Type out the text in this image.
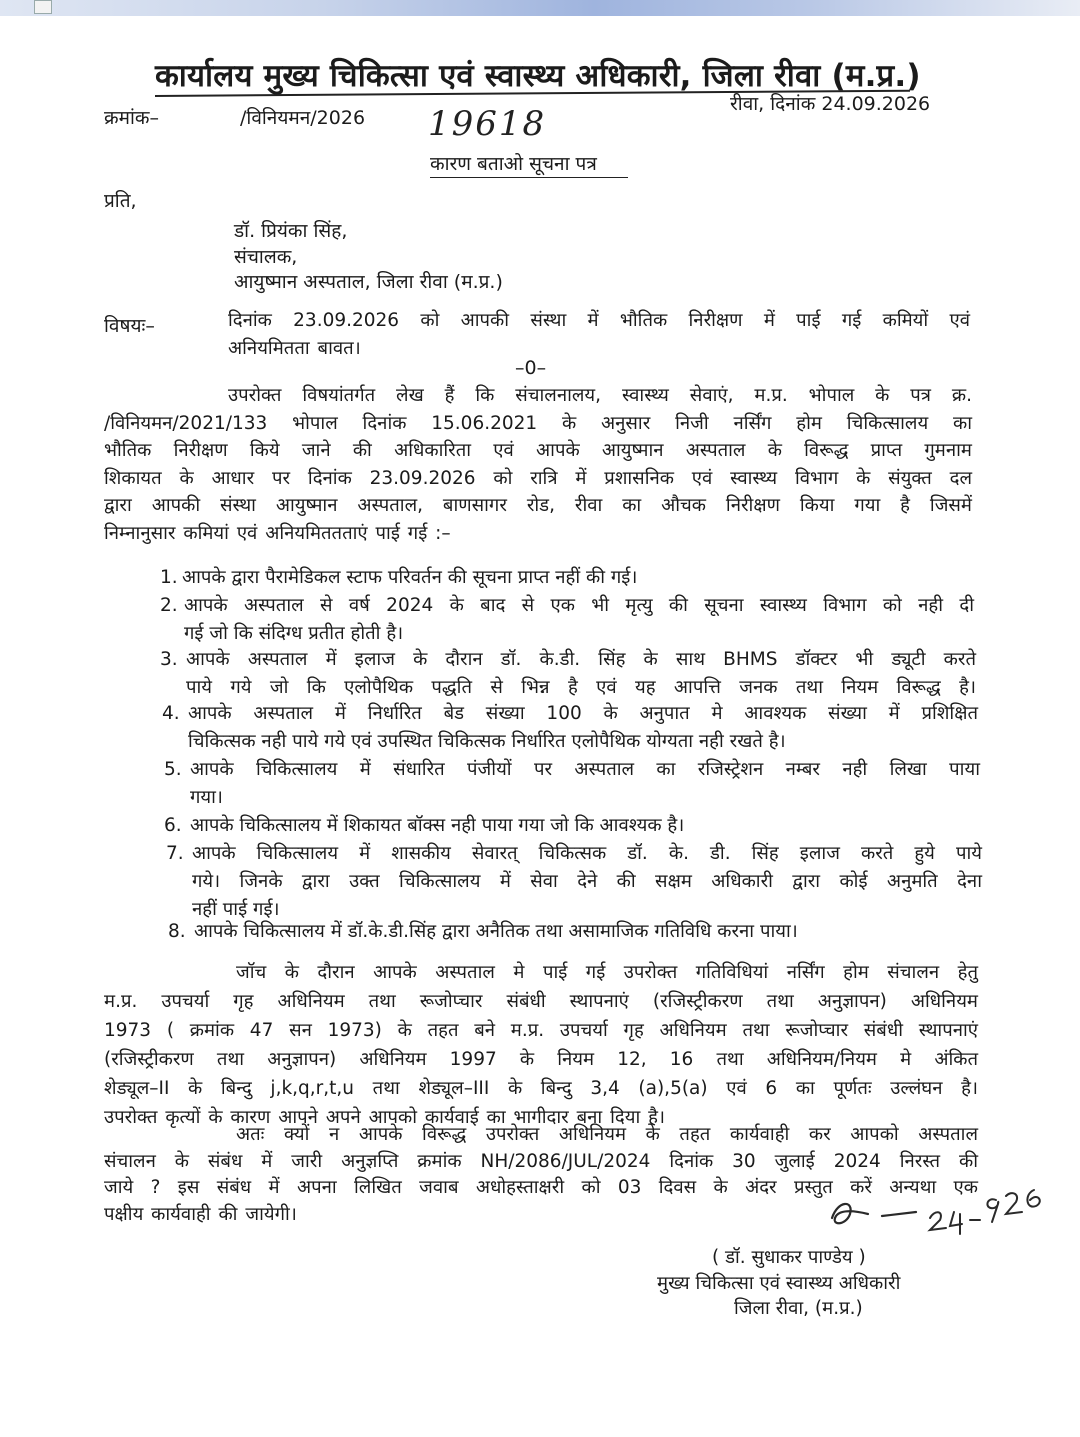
कार्यालय मुख्य चिकित्सा एवं स्वास्थ्य अधिकारी, जिला रीवा (म.प्र.)
क्रमांक–	/विनियमन/2026 19618	रीवा, दिनांक 24.09.2026
कारण बताओ सूचना पत्र
प्रति,
डॉ. प्रियंका सिंह,
संचालक,
आयुष्मान अस्पताल, जिला रीवा (म.प्र.)
विषयः–	दिनांक 23.09.2026 को आपकी संस्था में भौतिक निरीक्षण में पाई गई कमियों एवं
अनियमितता बावत।
–0–
उपरोक्त विषयांतर्गत लेख हैं कि संचालनालय, स्वास्थ्य सेवाएं, म.प्र. भोपाल के पत्र क्र.
/विनियमन/2021/133 भोपाल दिनांक 15.06.2021 के अनुसार निजी नर्सिंग होम चिकित्सालय का
भौतिक निरीक्षण किये जाने की अधिकारिता एवं आपके आयुष्मान अस्पताल के विरूद्ध प्राप्त गुमनाम
शिकायत के आधार पर दिनांक 23.09.2026 को रात्रि में प्रशासनिक एवं स्वास्थ्य विभाग के संयुक्त दल
द्वारा आपकी संस्था आयुष्मान अस्पताल, बाणसागर रोड, रीवा का औचक निरीक्षण किया गया है जिसमें
निम्नानुसार कमियां एवं अनियमिततताएं पाई गई :–
1. आपके द्वारा पैरामेडिकल स्टाफ परिवर्तन की सूचना प्राप्त नहीं की गई।
2. आपके अस्पताल से वर्ष 2024 के बाद से एक भी मृत्यु की सूचना स्वास्थ्य विभाग को नही दी
गई जो कि संदिग्ध प्रतीत होती है।
3. आपके अस्पताल में इलाज के दौरान डॉ. के.डी. सिंह के साथ BHMS डॉक्टर भी ड्यूटी करते
पाये गये जो कि एलोपैथिक पद्धति से भिन्न है एवं यह आपत्ति जनक तथा नियम विरूद्ध है।
4. आपके अस्पताल में निर्धारित बेड संख्या 100 के अनुपात मे आवश्यक संख्या में प्रशिक्षित
चिकित्सक नही पाये गये एवं उपस्थित चिकित्सक निर्धारित एलोपैथिक योग्यता नही रखते है।
5. आपके चिकित्सालय में संधारित पंजीयों पर अस्पताल का रजिस्ट्रेशन नम्बर नही लिखा पाया
गया।
6. आपके चिकित्सालय में शिकायत बॉक्स नही पाया गया जो कि आवश्यक है।
7. आपके चिकित्सालय में शासकीय सेवारत् चिकित्सक डॉ. के. डी. सिंह इलाज करते हुये पाये
गये। जिनके द्वारा उक्त चिकित्सालय में सेवा देने की सक्षम अधिकारी द्वारा कोई अनुमति देना
नहीं पाई गई।
8. आपके चिकित्सालय में डॉ.के.डी.सिंह द्वारा अनैतिक तथा असामाजिक गतिविधि करना पाया।
जॉच के दौरान आपके अस्पताल मे पाई गई उपरोक्त गतिविधियां नर्सिंग होम संचालन हेतु
म.प्र. उपचर्या गृह अधिनियम तथा रूजोप्चार संबंधी स्थापनाएं (रजिस्ट्रीकरण तथा अनुज्ञापन) अधिनियम
1973 ( क्रमांक 47 सन 1973) के तहत बने म.प्र. उपचर्या गृह अधिनियम तथा रूजोप्चार संबंधी स्थापनाएं
(रजिस्ट्रीकरण तथा अनुज्ञापन) अधिनियम 1997 के नियम 12, 16 तथा अधिनियम/नियम मे अंकित
शेड्यूल–II के बिन्दु j,k,q,r,t,u तथा शेड्यूल–III के बिन्दु 3,4 (a),5(a) एवं 6 का पूर्णतः उल्लंघन है।
उपरोक्त कृत्यों के कारण आपने अपने आपको कार्यवाई का भागीदार बना दिया है।
अतः क्यों न आपके विरूद्ध उपरोक्त अधिनियम के तहत कार्यवाही कर आपको अस्पताल
संचालन के संबंध में जारी अनुज्ञप्ति क्रमांक NH/2086/JUL/2024 दिनांक 30 जुलाई 2024 निरस्त की
जाये ? इस संबंध में अपना लिखित जवाब अधोहस्ताक्षरी को 03 दिवस के अंदर प्रस्तुत करें अन्यथा एक
पक्षीय कार्यवाही की जायेगी।
( डॉ. सुधाकर पाण्डेय )
मुख्य चिकित्सा एवं स्वास्थ्य अधिकारी
जिला रीवा, (म.प्र.)
